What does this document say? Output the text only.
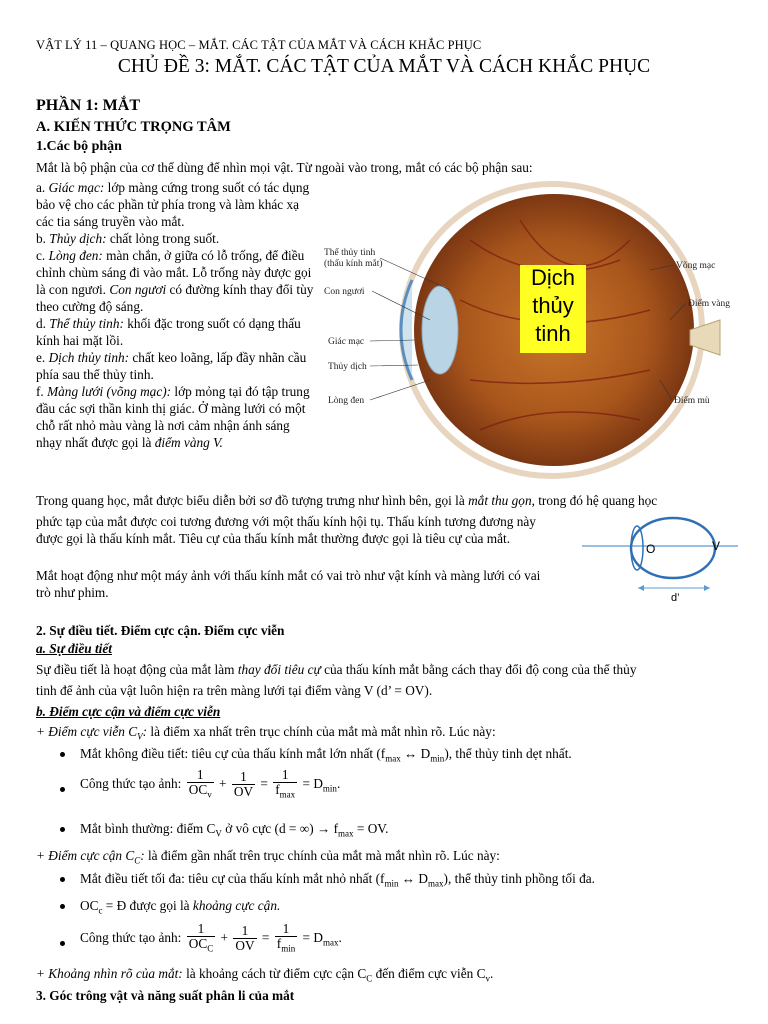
VẬT LÝ 11 – QUANG HỌC – MẮT. CÁC TẬT CỦA MẮT VÀ CÁCH KHẮC PHỤC
CHỦ ĐỀ 3: MẮT. CÁC TẬT CỦA MẮT VÀ CÁCH KHẮC PHỤC
PHẦN 1: MẮT
A. KIẾN THỨC TRỌNG TÂM
1.Các bộ phận
Mắt là bộ phận của cơ thể dùng để nhìn mọi vật. Từ ngoài vào trong, mắt có các bộ phận sau:

a. Giác mạc: lớp màng cứng trong suốt có tác dụng bảo vệ cho các phần tử phía trong và làm khác xạ các tia sáng truyền vào mắt.

b. Thủy dịch: chất lỏng trong suốt.

c. Lòng đen: màn chắn, ở giữa có lỗ trống, để điều chỉnh chùm sáng đi vào mắt. Lỗ trống này được gọi là con ngươi. Con ngươi có đường kính thay đổi tùy theo cường độ sáng.

d. Thể thủy tinh: khối đặc trong suốt có dạng thấu kính hai mặt lồi.

e. Dịch thủy tinh: chất keo loãng, lấp đầy nhãn cầu phía sau thể thủy tinh.

f. Màng lưới (võng mạc): lớp mỏng tại đó tập trung đầu các sợi thần kinh thị giác. Ở màng lưới có một chỗ rất nhỏ màu vàng là nơi cảm nhận ánh sáng nhạy nhất được gọi là điểm vàng V.

Dịch
thủy
tinh
Thể thủy tinh
(thấu kính mắt)
Con ngươi
Giác mạc
Thủy dịch
Lòng đen
Võng mạc
Điểm vàng
Điểm mù
Trong quang học, mắt được biểu diễn bởi sơ đồ tượng trưng như hình bên, gọi là mắt thu gọn, trong đó hệ quang học
phức tạp của mắt được coi tương đương với một thấu kính hội tụ. Thấu kính tương đương này được gọi là thấu kính mắt. Tiêu cự của thấu kính mắt thường được gọi là tiêu cự của mắt.
Mắt hoạt động như một máy ảnh với thấu kính mắt có vai trò như vật kính và màng lưới có vai trò như phim.
O	V
d’
2. Sự điều tiết. Điểm cực cận. Điểm cực viễn
a. Sự điều tiết
Sự điều tiết là hoạt động của mắt làm thay đổi tiêu cự của thấu kính mắt bằng cách thay đổi độ cong của thể thủy
tinh để ảnh của vật luôn hiện ra trên màng lưới tại điểm vàng V (d’ = OV).
b. Điểm cực cận và điểm cực viễn
+ Điểm cực viễn $C_V$: là điểm xa nhất trên trục chính của mắt mà mắt nhìn rõ. Lúc này:
Mắt không điều tiết: tiêu cự của thấu kính mắt lớn nhất ($f_{max}$ ↔ $D_{min}$), thể thủy tinh dẹt nhất.
Công thức tạo ảnh: $\frac{1}{OC_v} + \frac{1}{OV} = \frac{1}{f_{max}} = D_{min}$.
Mắt bình thường: điểm $C_V$ ở vô cực (d = ∞) → $f_{max}$ = OV.
+ Điểm cực cận $C_C$: là điểm gần nhất trên trục chính của mắt mà mắt nhìn rõ. Lúc này:
Mắt điều tiết tối đa: tiêu cự của thấu kính mắt nhỏ nhất ($f_{min}$ ↔ $D_{max}$), thể thủy tinh phồng tối đa.
$OC_c$ = Đ được gọi là khoảng cực cận.
Công thức tạo ảnh: $\frac{1}{OC_C} + \frac{1}{OV} = \frac{1}{f_{min}} = D_{max}$.
+ Khoảng nhìn rõ của mắt: là khoảng cách từ điểm cực cận $C_C$ đến điểm cực viễn $C_v$.
3. Góc trông vật và năng suất phân li của mắt
